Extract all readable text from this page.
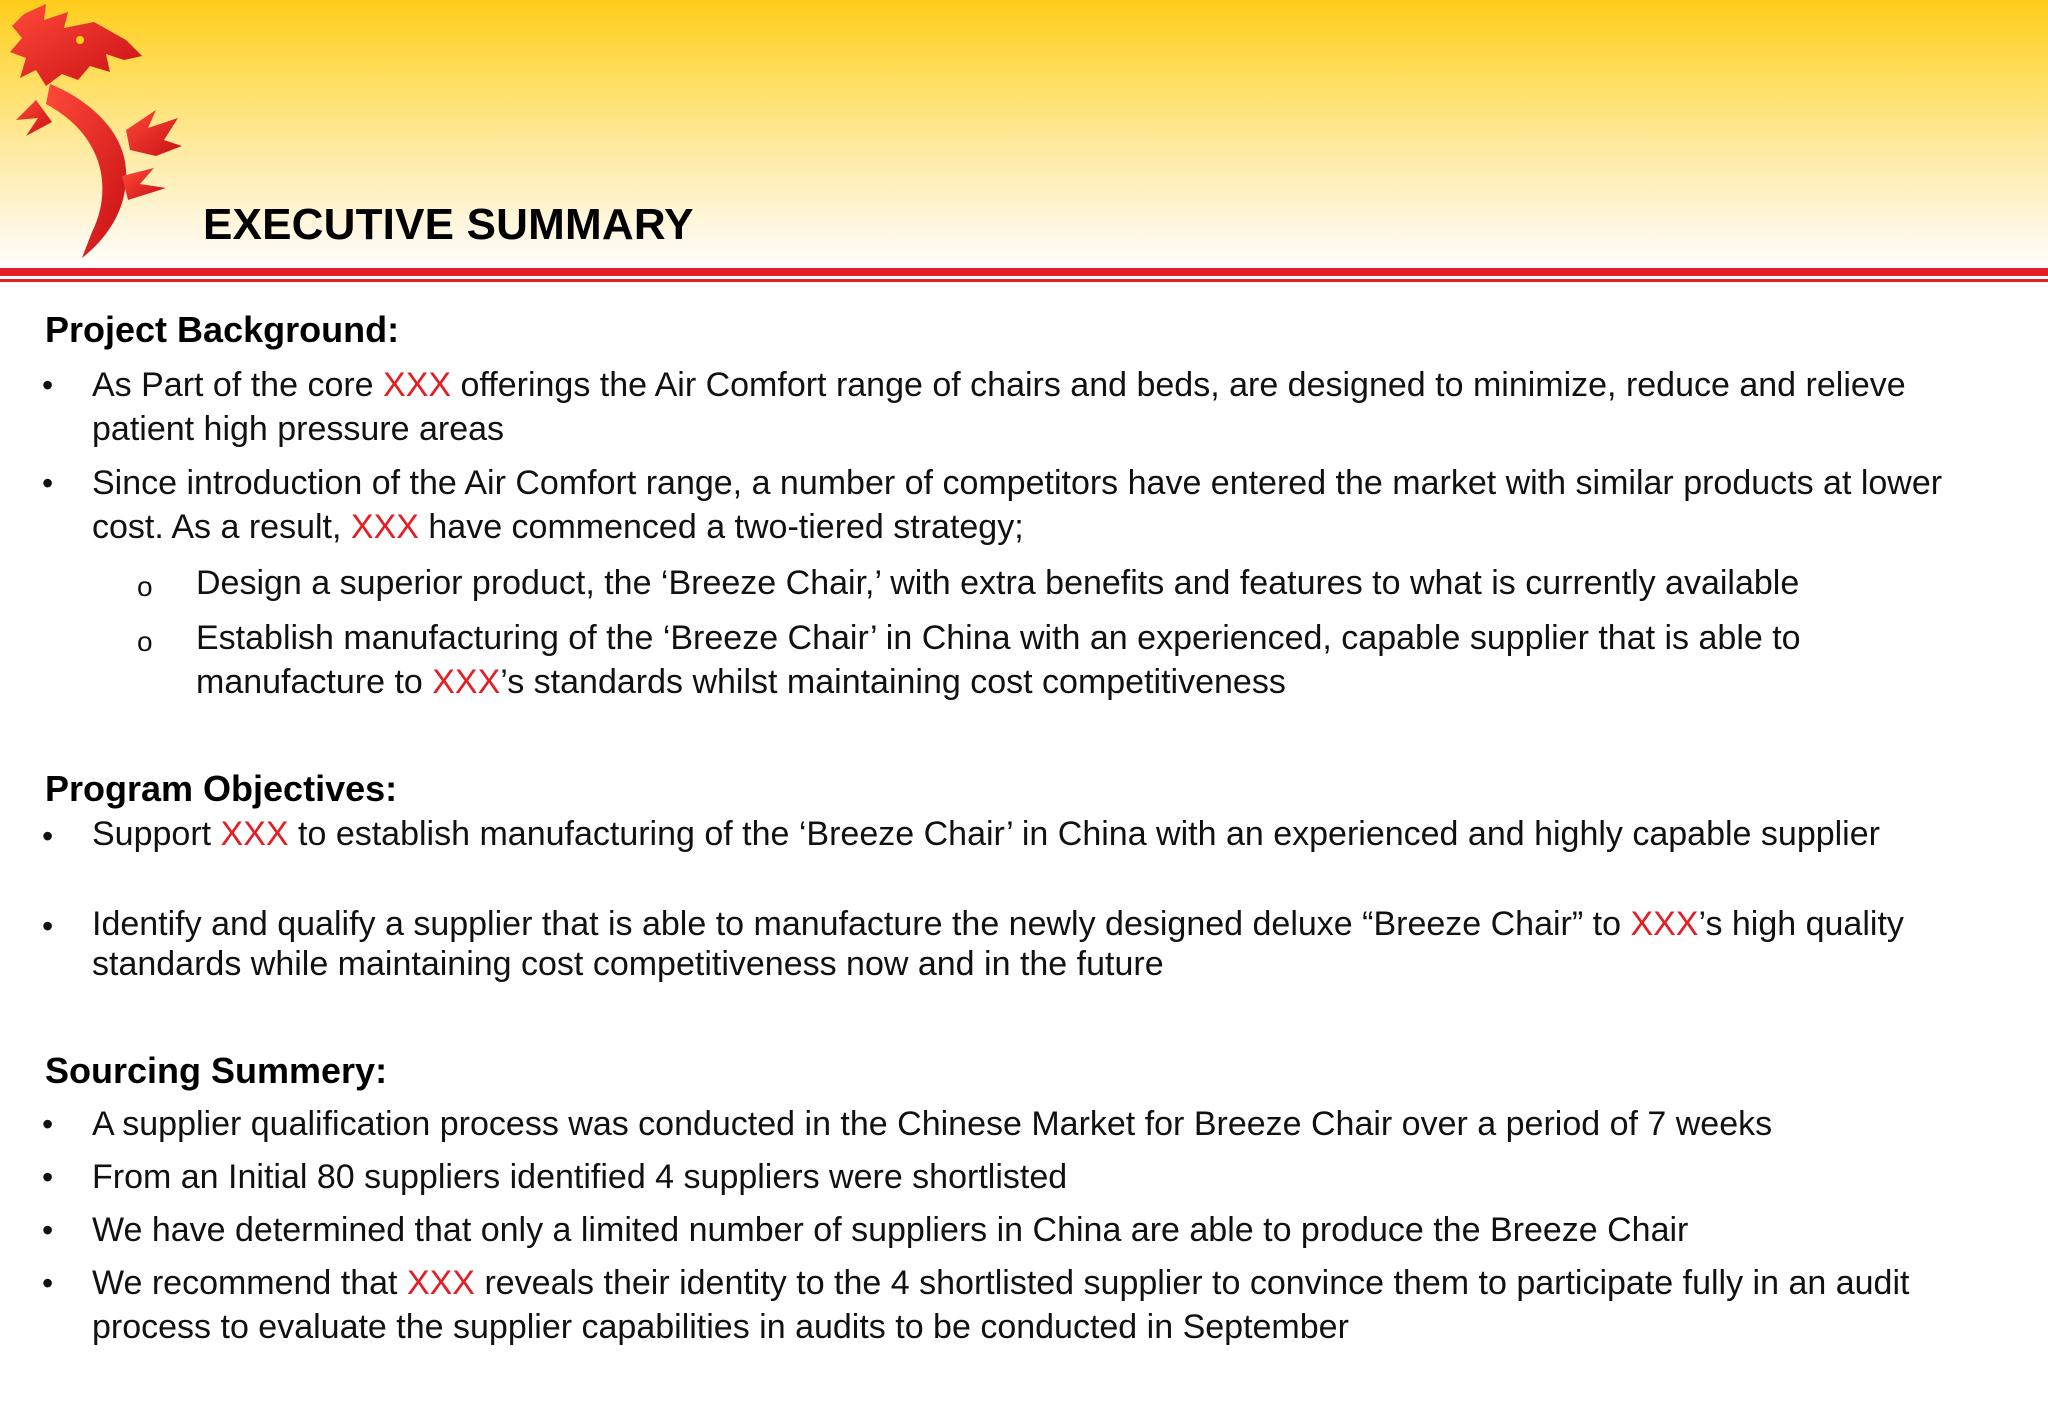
EXECUTIVE SUMMARY
Project Background:
• As Part of the core XXX offerings the Air Comfort range of chairs and beds, are designed to minimize, reduce and relieve patient high pressure areas
• Since introduction of the Air Comfort range, a number of competitors have entered the market with similar products at lower cost. As a result, XXX have commenced a two-tiered strategy;
o Design a superior product, the ‘Breeze Chair,’ with extra benefits and features to what is currently available
o Establish manufacturing of the ‘Breeze Chair’ in China with an experienced, capable supplier that is able to manufacture to XXX’s standards whilst maintaining cost competitiveness
Program Objectives:
• Support XXX to establish manufacturing of the ‘Breeze Chair’ in China with an experienced and highly capable supplier
• Identify and qualify a supplier that is able to manufacture the newly designed deluxe “Breeze Chair” to XXX’s high quality standards while maintaining cost competitiveness now and in the future
Sourcing Summery:
• A supplier qualification process was conducted in the Chinese Market for Breeze Chair over a period of 7 weeks
• From an Initial 80 suppliers identified 4 suppliers were shortlisted
• We have determined that only a limited number of suppliers in China are able to produce the Breeze Chair
• We recommend that XXX reveals their identity to the 4 shortlisted supplier to convince them to participate fully in an audit process to evaluate the supplier capabilities in audits to be conducted in September
